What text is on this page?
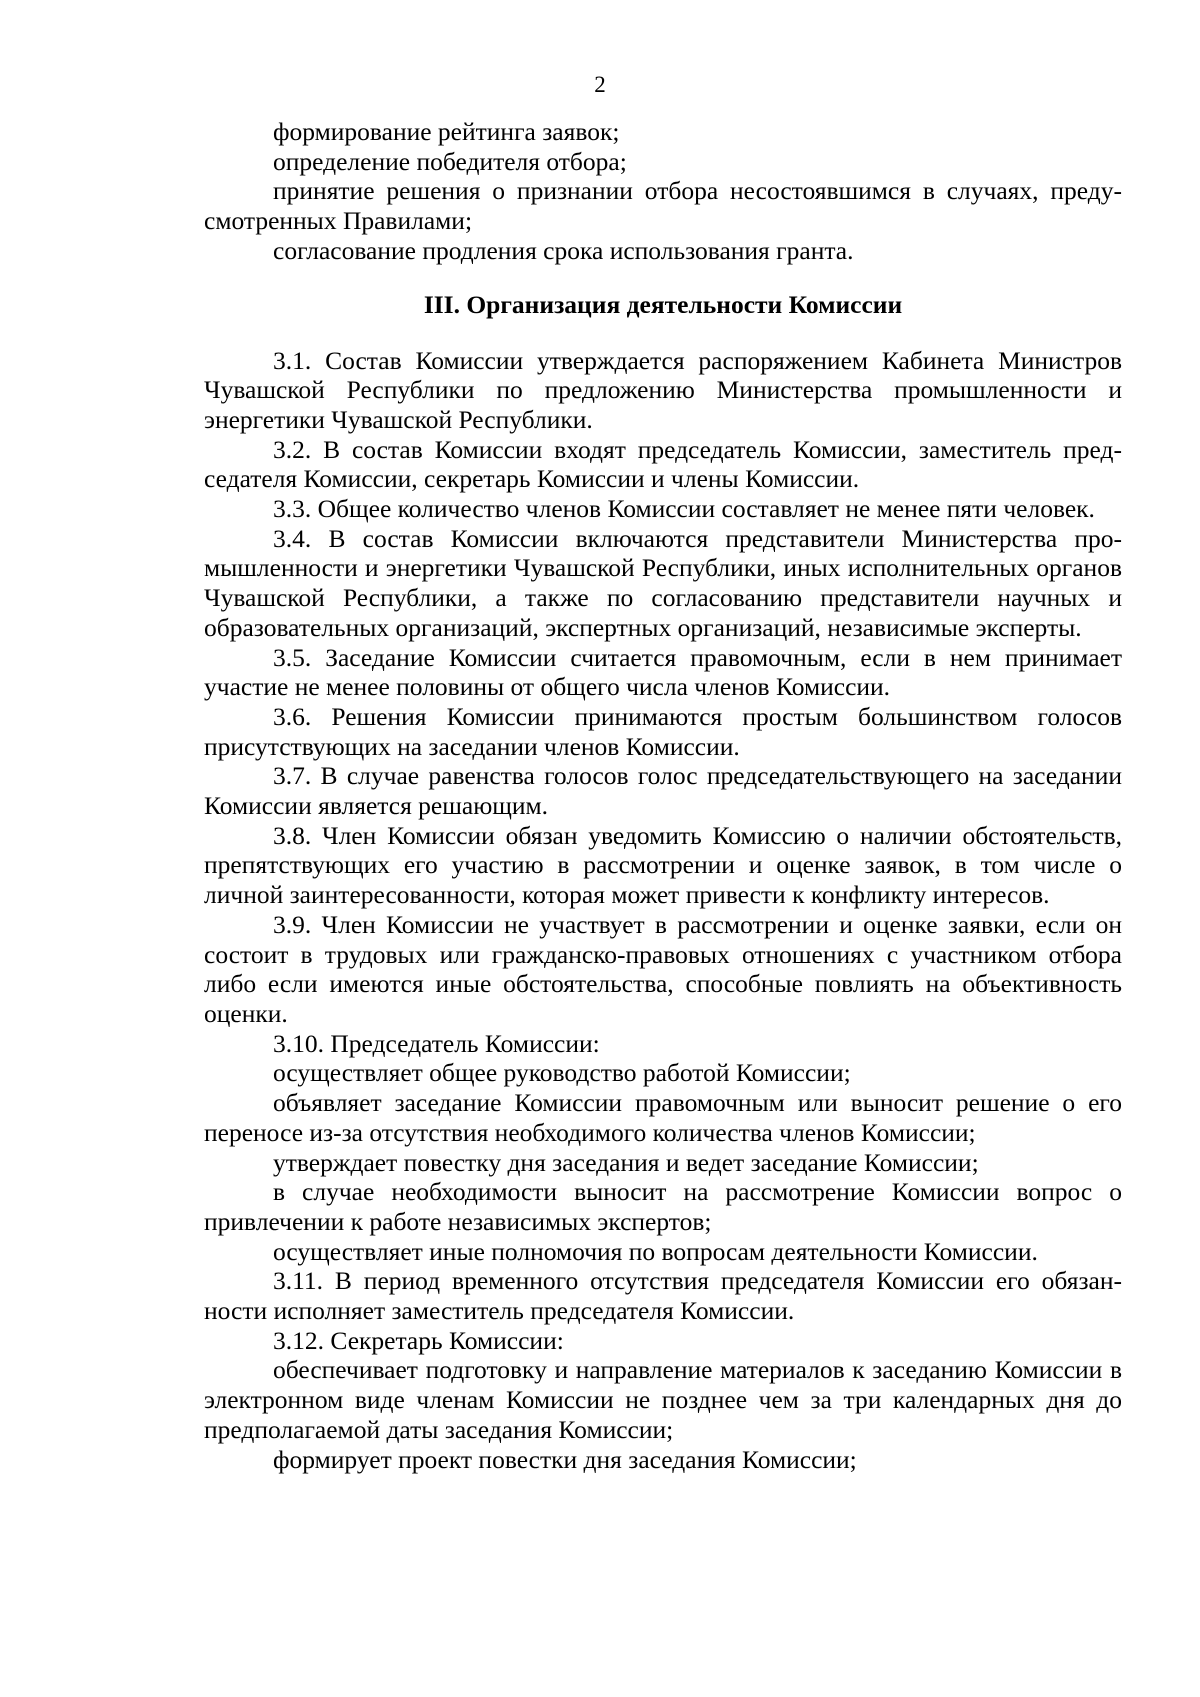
2

формирование рейтинга заявок;

определение победителя отбора;

принятие решения о признании отбора несостоявшимся в случаях, предусмотренных Правилами;

согласование продления срока использования гранта.

III. Организация деятельности Комиссии

3.1. Состав Комиссии утверждается распоряжением Кабинета Министров Чувашской Республики по предложению Министерства промышленности и энергетики Чувашской Республики.

3.2. В состав Комиссии входят председатель Комиссии, заместитель председателя Комиссии, секретарь Комиссии и члены Комиссии.

3.3. Общее количество членов Комиссии составляет не менее пяти человек.

3.4. В состав Комиссии включаются представители Министерства промышленности и энергетики Чувашской Республики, иных исполнительных органов Чувашской Республики, а также по согласованию представители научных и образовательных организаций, экспертных организаций, независимые эксперты.

3.5. Заседание Комиссии считается правомочным, если в нем принимает участие не менее половины от общего числа членов Комиссии.

3.6. Решения Комиссии принимаются простым большинством голосов присутствующих на заседании членов Комиссии.

3.7. В случае равенства голосов голос председательствующего на заседании Комиссии является решающим.

3.8. Член Комиссии обязан уведомить Комиссию о наличии обстоятельств, препятствующих его участию в рассмотрении и оценке заявок, в том числе о личной заинтересованности, которая может привести к конфликту интересов.

3.9. Член Комиссии не участвует в рассмотрении и оценке заявки, если он состоит в трудовых или гражданско-правовых отношениях с участником отбора либо если имеются иные обстоятельства, способные повлиять на объективность оценки.

3.10. Председатель Комиссии:

осуществляет общее руководство работой Комиссии;

объявляет заседание Комиссии правомочным или выносит решение о его переносе из-за отсутствия необходимого количества членов Комиссии;

утверждает повестку дня заседания и ведет заседание Комиссии;

в случае необходимости выносит на рассмотрение Комиссии вопрос о привлечении к работе независимых экспертов;

осуществляет иные полномочия по вопросам деятельности Комиссии.

3.11. В период временного отсутствия председателя Комиссии его обязанности исполняет заместитель председателя Комиссии.

3.12. Секретарь Комиссии:

обеспечивает подготовку и направление материалов к заседанию Комиссии в электронном виде членам Комиссии не позднее чем за три календарных дня до предполагаемой даты заседания Комиссии;

формирует проект повестки дня заседания Комиссии;
